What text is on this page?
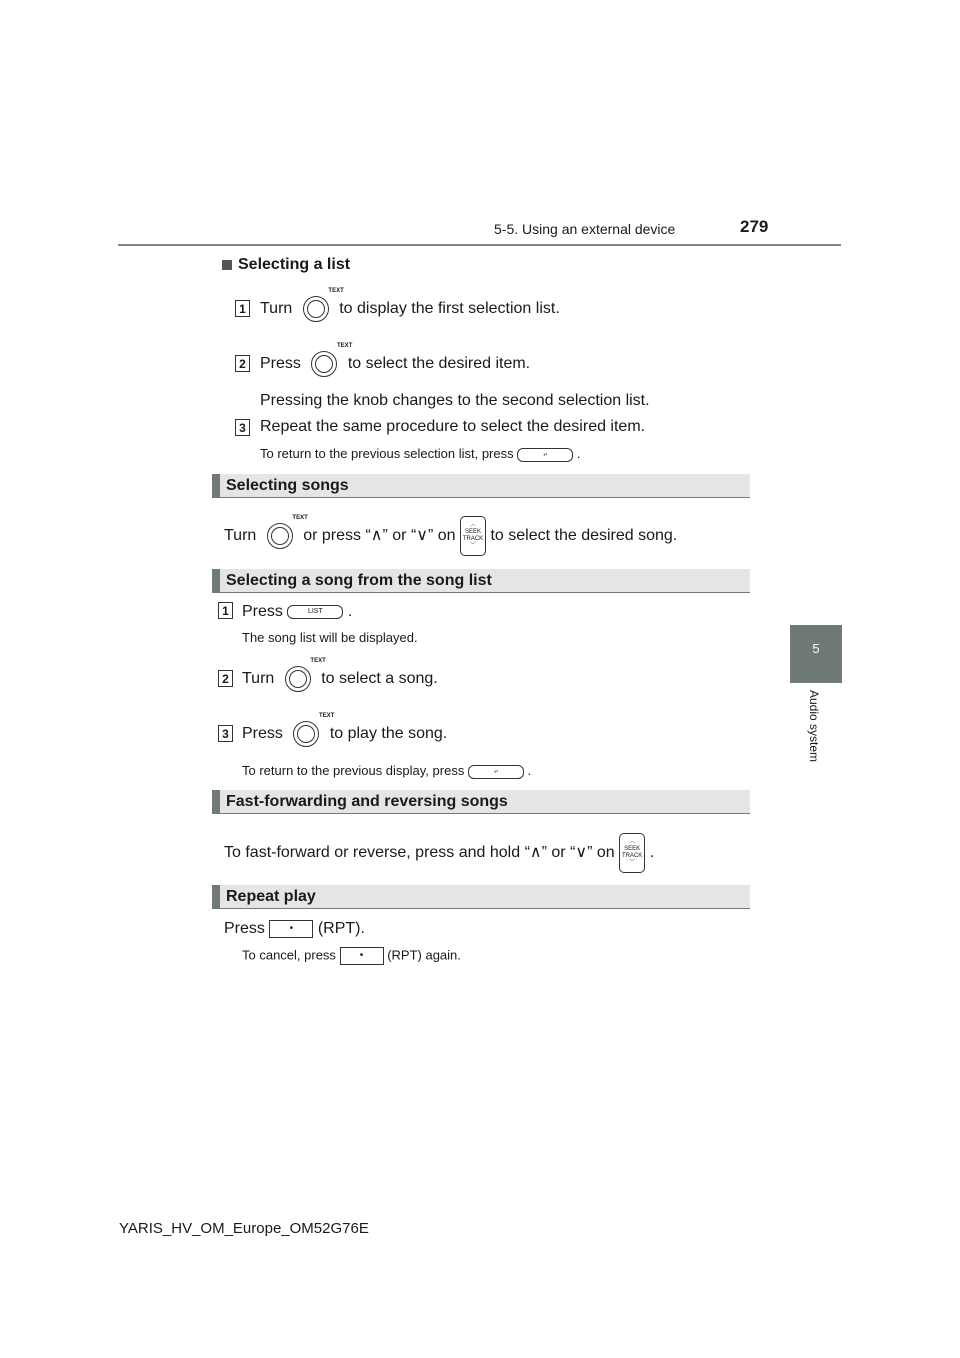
5-5. Using an external device	279
5
Audio system
Selecting a list
1 Turn
TEXT
to display the first selection list.
2 Press
TEXT
to select the desired item.
Pressing the knob changes to the second selection list.
3 Repeat the same procedure to select the desired item.
To return to the previous selection list, press	⤶ .
Selecting songs
Turn
TEXT
or press “∧” or “∨” on ︿
SEEK
TRACK
﹀ to select the desired song.
Selecting a song from the song list
1 Press	LIST .
The song list will be displayed.
2 Turn
TEXT
to select a song.
3 Press
TEXT
to play the song.
To return to the previous display, press	⤶ .
Fast-forwarding and reversing songs
To fast-forward or reverse, press and hold “∧” or “∨” on ︿
SEEK
TRACK
﹀ .
Repeat play
Press • (RPT).
To cancel, press • (RPT) again.
YARIS_HV_OM_Europe_OM52G76E
